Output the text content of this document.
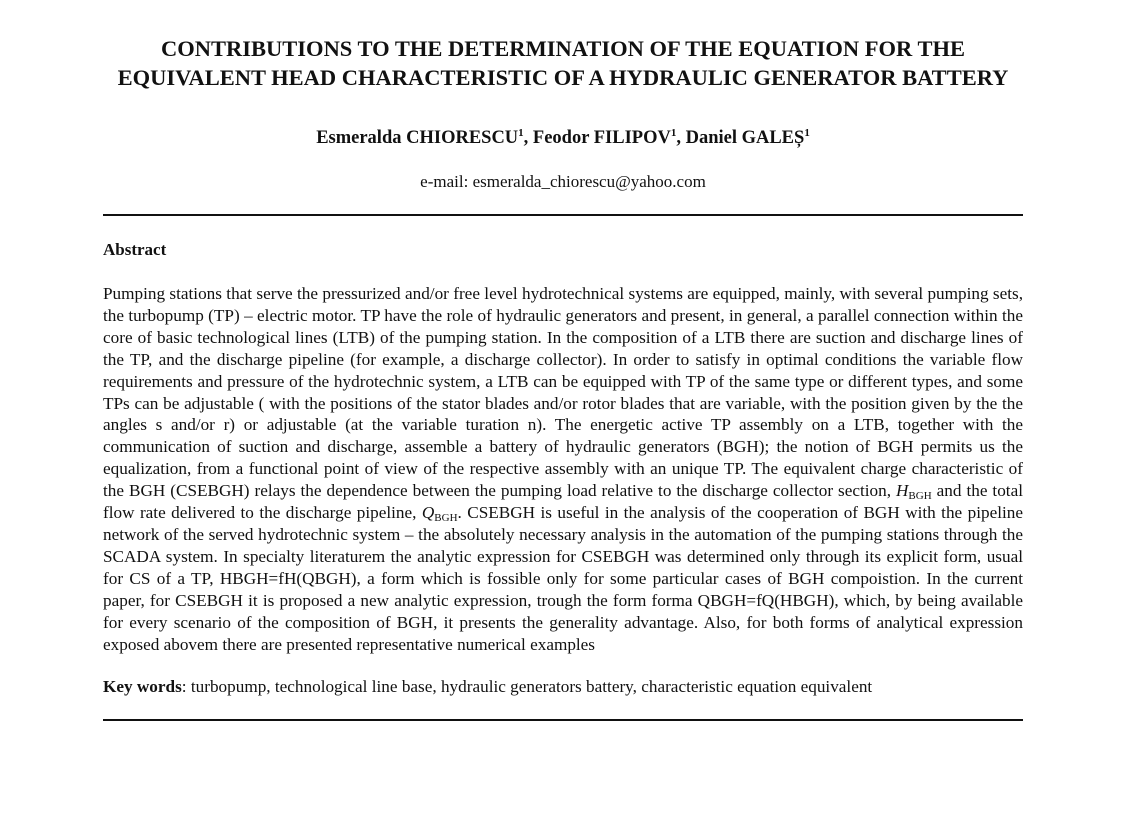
CONTRIBUTIONS TO THE DETERMINATION OF THE EQUATION FOR THE EQUIVALENT HEAD CHARACTERISTIC OF A HYDRAULIC GENERATOR BATTERY
Esmeralda CHIORESCU$^1$, Feodor FILIPOV$^1$, Daniel GALEȘ$^1$
e-mail: esmeralda_chiorescu@yahoo.com
Abstract

Pumping stations that serve the pressurized and/or free level hydrotechnical systems are equipped, mainly, with several pumping sets, the turbopump (TP) – electric motor. TP have the role of hydraulic generators and present, in general, a parallel connection within the core of basic technological lines (LTB) of the pumping station. In the composition of a LTB there are suction and discharge lines of the TP, and the discharge pipeline (for example, a discharge collector). In order to satisfy in optimal conditions the variable flow requirements and pressure of the hydrotechnic system, a LTB can be equipped with TP of the same type or different types, and some TPs can be adjustable ( with the positions of the stator blades and/or rotor blades that are variable, with the position given by the the angles s and/or r) or adjustable (at the variable turation n). The energetic active TP assembly on a LTB, together with the communication of suction and discharge, assemble a battery of hydraulic generators (BGH); the notion of BGH permits us the equalization, from a functional point of view of the respective assembly with an unique TP. The equivalent charge characteristic of the BGH (CSEBGH) relays the dependence between the pumping load relative to the discharge collector section, $H_{BGH}$ and the total flow rate delivered to the discharge pipeline, $Q_{BGH}$. CSEBGH is useful in the analysis of the cooperation of BGH with the pipeline network of the served hydrotechnic system – the absolutely necessary analysis in the automation of the pumping stations through the SCADA system. In specialty literaturem the analytic expression for CSEBGH was determined only through its explicit form, usual for CS of a TP, HBGH=fH(QBGH), a form which is fossible only for some particular cases of BGH compoistion. In the current paper, for CSEBGH it is proposed a new analytic expression, trough the form forma QBGH=fQ(HBGH), which, by being available for every scenario of the composition of BGH, it presents the generality advantage. Also, for both forms of analytical expression exposed abovem there are presented representative numerical examples

Key words: turbopump, technological line base, hydraulic generators battery, characteristic equation equivalent
